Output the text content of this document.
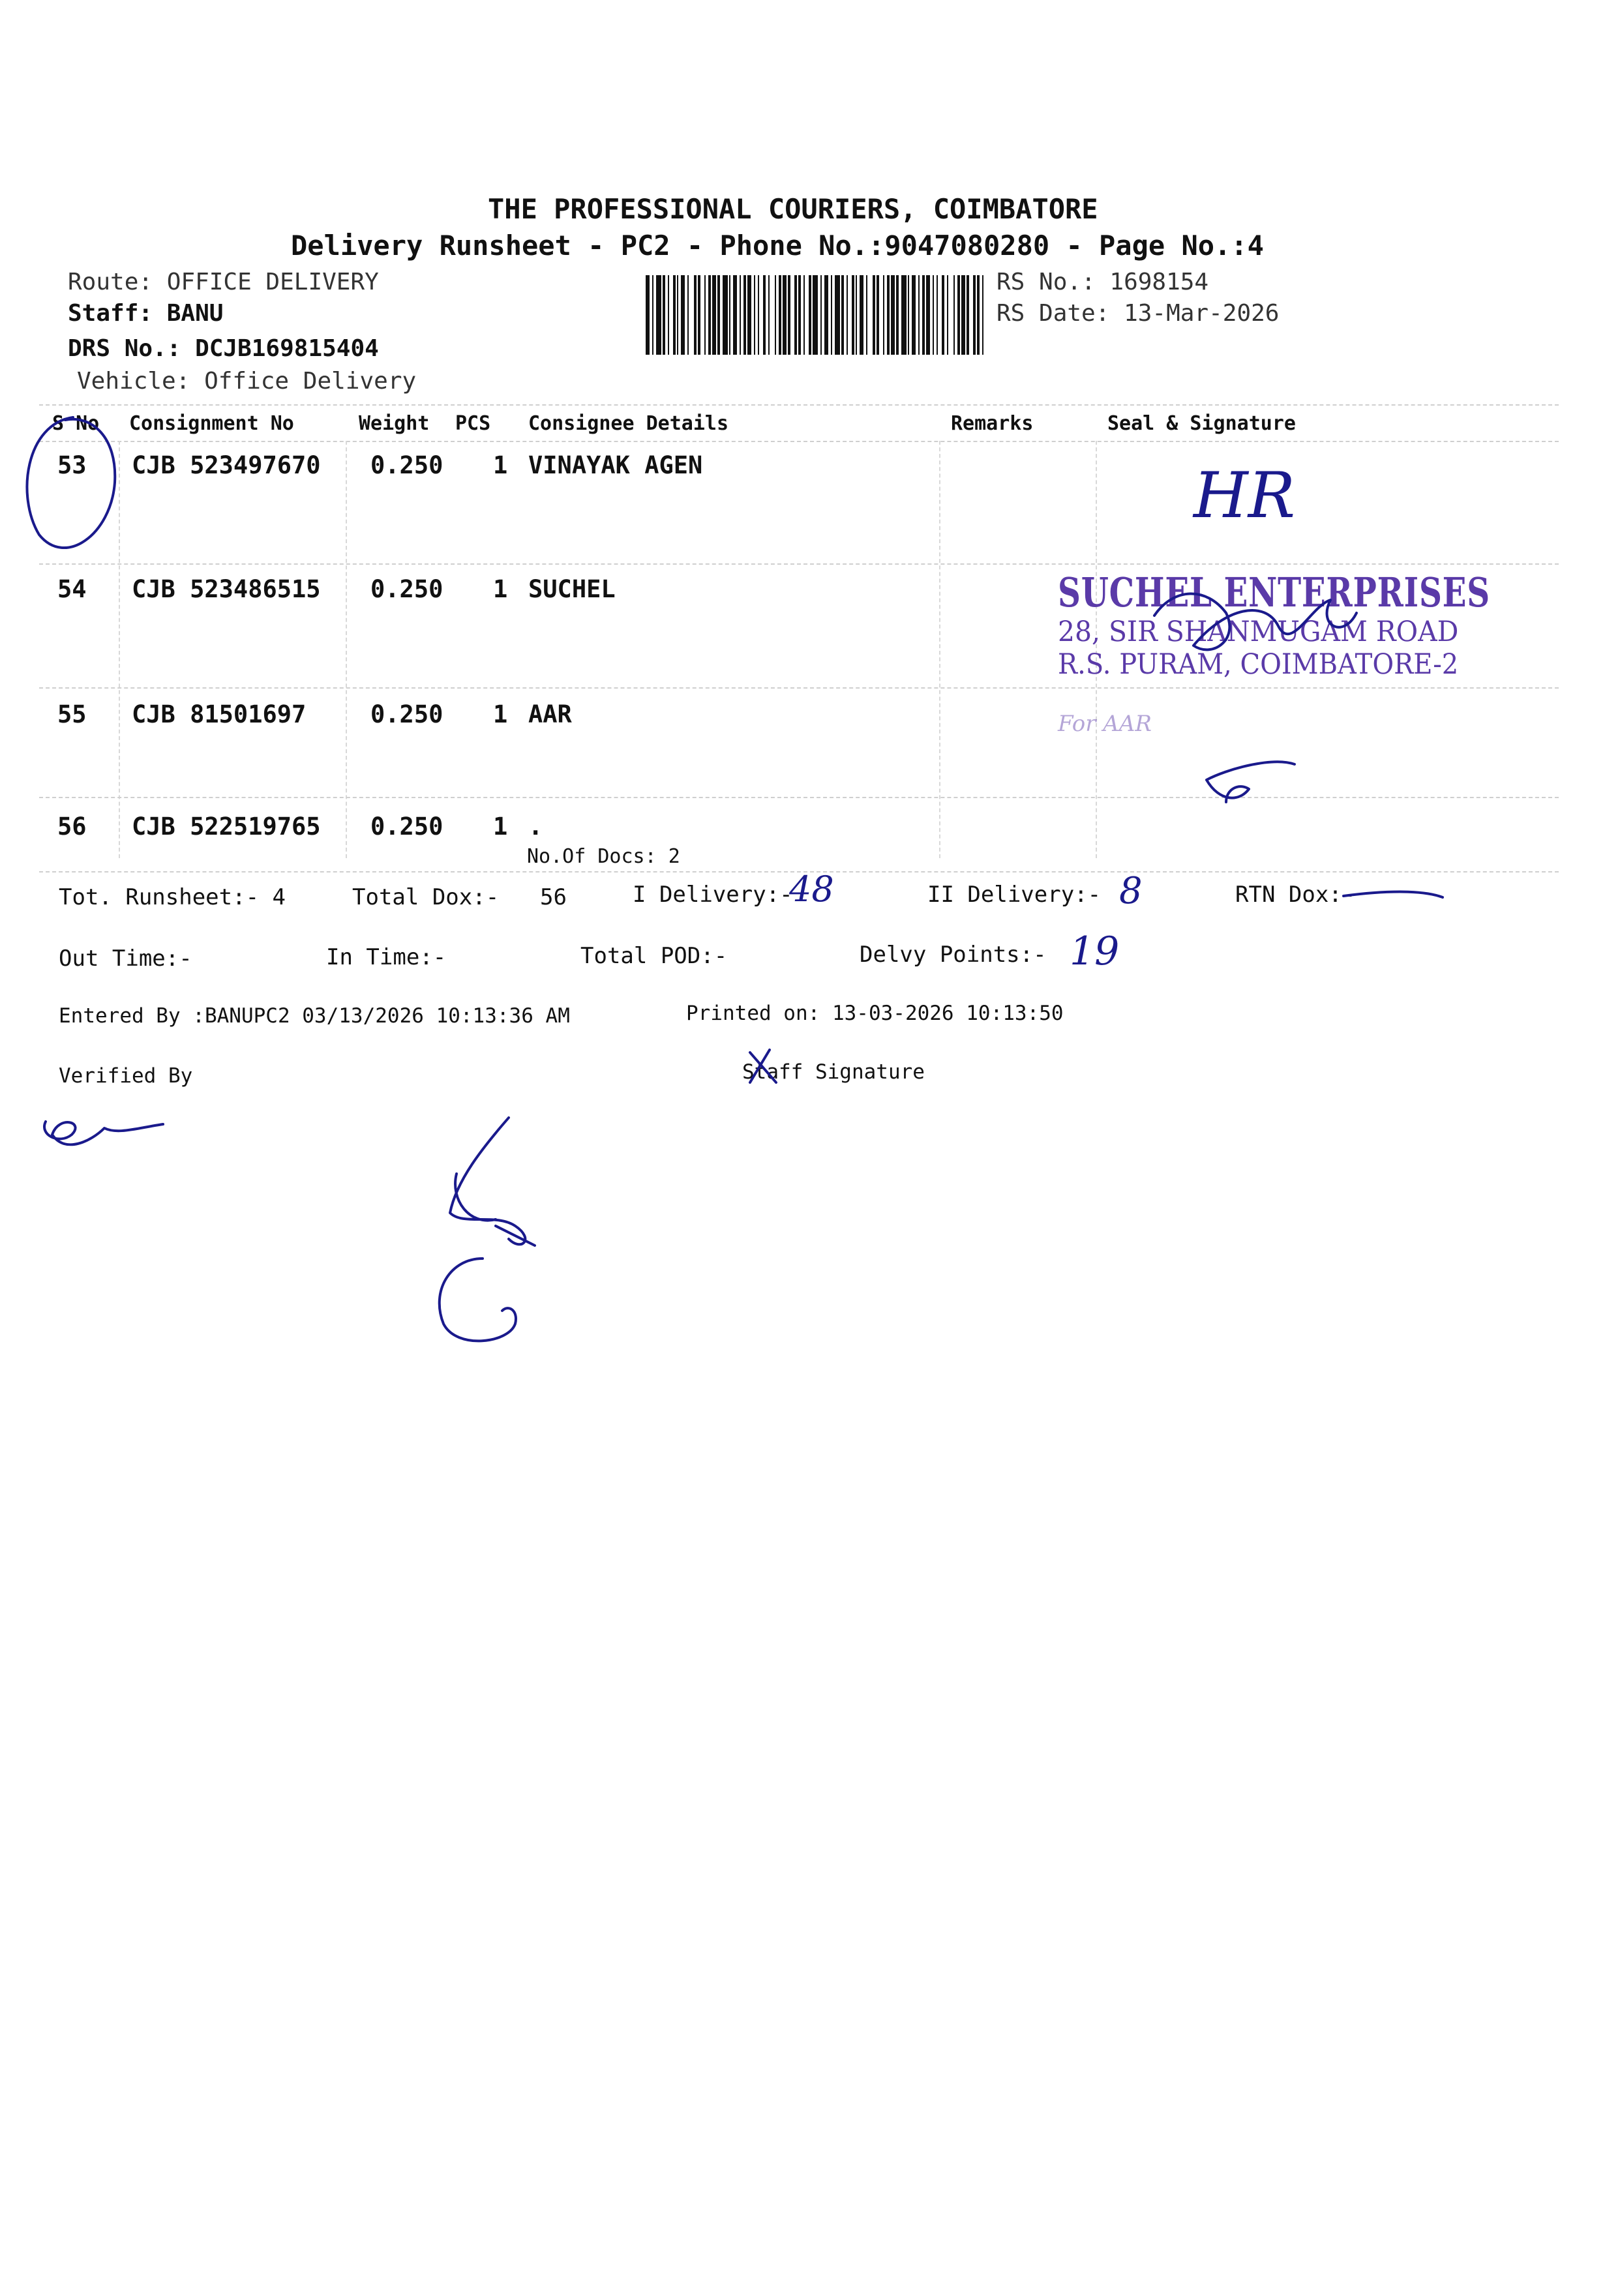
THE PROFESSIONAL COURIERS, COIMBATORE
Delivery Runsheet - PC2 - Phone No.:9047080280 - Page No.:4
Route: OFFICE DELIVERY
Staff: BANU
DRS No.: DCJB169815404
Vehicle: Office Delivery
RS No.: 1698154
RS Date: 13-Mar-2026
S No Consignment No	Weight PCS Consignee Details	Remarks	Seal & Signature
53 CJB 523497670 0.250 1 VINAYAK AGEN
54 CJB 523486515 0.250 1 SUCHEL
55 CJB 81501697	0.250 1 AAR
56 CJB 522519765 0.250 1 .
No.Of Docs: 2
Tot. Runsheet:- 4	Total Dox:- 56	I Delivery:-	II Delivery:-	RTN Dox:-
Out Time:-	In Time:-	Total POD:-	Delvy Points:-
Entered By :BANUPC2 03/13/2026 10:13:36 AM	Printed on: 13-03-2026 10:13:50
Verified By	Staff Signature
SUCHEL ENTERPRISES
28, SIR SHANMUGAM ROAD
R.S. PURAM, COIMBATORE-2
For AAR
48	8
19
HR
